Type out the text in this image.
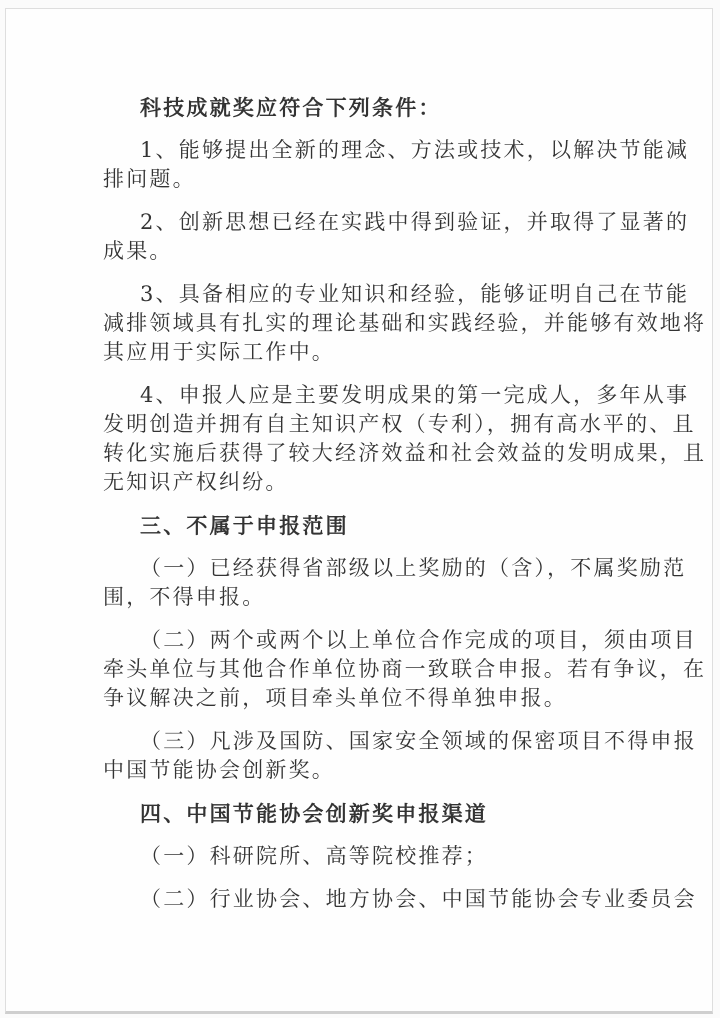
科技成就奖应符合下列条件：
1、能够提出全新的理念、方法或技术，以解决节能减
排问题。
2、创新思想已经在实践中得到验证，并取得了显著的
成果。
3、具备相应的专业知识和经验，能够证明自己在节能
减排领域具有扎实的理论基础和实践经验，并能够有效地将
其应用于实际工作中。
4、申报人应是主要发明成果的第一完成人，多年从事
发明创造并拥有自主知识产权（专利），拥有高水平的、且
转化实施后获得了较大经济效益和社会效益的发明成果，且
无知识产权纠纷。
三、不属于申报范围
（一）已经获得省部级以上奖励的（含），不属奖励范
围，不得申报。
（二）两个或两个以上单位合作完成的项目，须由项目
牵头单位与其他合作单位协商一致联合申报。若有争议，在
争议解决之前，项目牵头单位不得单独申报。
（三）凡涉及国防、国家安全领域的保密项目不得申报
中国节能协会创新奖。
四、中国节能协会创新奖申报渠道
（一）科研院所、高等院校推荐；
（二）行业协会、地方协会、中国节能协会专业委员会
